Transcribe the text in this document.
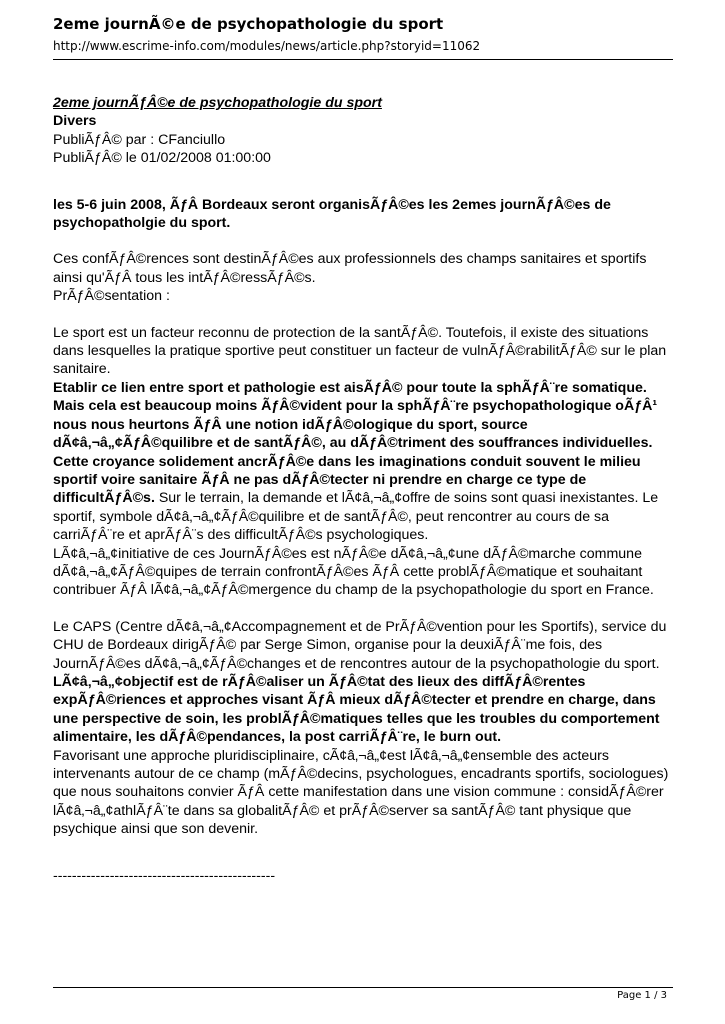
2eme journÃ©e de psychopathologie du sport
http://www.escrime-info.com/modules/news/article.php?storyid=11062

2eme journÃƒÂ©e de psychopathologie du sport

Divers

PubliÃƒÂ© par : CFanciullo

PubliÃƒÂ© le 01/02/2008 01:00:00

les 5-6 juin 2008, ÃƒÂ Bordeaux seront organisÃƒÂ©es les 2emes journÃƒÂ©es de psychopatholgie du sport.

Ces confÃƒÂ©rences sont destinÃƒÂ©es aux professionnels des champs sanitaires et sportifs ainsi qu'ÃƒÂ tous les intÃƒÂ©ressÃƒÂ©s.

PrÃƒÂ©sentation :

Le sport est un facteur reconnu de protection de la santÃƒÂ©. Toutefois, il existe des situations dans lesquelles la pratique sportive peut constituer un facteur de vulnÃƒÂ©rabilitÃƒÂ© sur le plan sanitaire.

Etablir ce lien entre sport et pathologie est aisÃƒÂ© pour toute la sphÃƒÂ¨re somatique. Mais cela est beaucoup moins ÃƒÂ©vident pour la sphÃƒÂ¨re psychopathologique oÃƒÂ¹ nous nous heurtons ÃƒÂ une notion idÃƒÂ©ologique du sport, source dÃ¢â‚¬â„¢ÃƒÂ©quilibre et de santÃƒÂ©, au dÃƒÂ©triment des souffrances individuelles. Cette croyance solidement ancrÃƒÂ©e dans les imaginations conduit souvent le milieu sportif voire sanitaire ÃƒÂ ne pas dÃƒÂ©tecter ni prendre en charge ce type de difficultÃƒÂ©s. Sur le terrain, la demande et lÃ¢â‚¬â„¢offre de soins sont quasi inexistantes. Le sportif, symbole dÃ¢â‚¬â„¢ÃƒÂ©quilibre et de santÃƒÂ©, peut rencontrer au cours de sa carriÃƒÂ¨re et aprÃƒÂ¨s des difficultÃƒÂ©s psychologiques.

LÃ¢â‚¬â„¢initiative de ces JournÃƒÂ©es est nÃƒÂ©e dÃ¢â‚¬â„¢une dÃƒÂ©marche commune dÃ¢â‚¬â„¢ÃƒÂ©quipes de terrain confrontÃƒÂ©es ÃƒÂ cette problÃƒÂ©matique et souhaitant contribuer ÃƒÂ lÃ¢â‚¬â„¢ÃƒÂ©mergence du champ de la psychopathologie du sport en France.

Le CAPS (Centre dÃ¢â‚¬â„¢Accompagnement et de PrÃƒÂ©vention pour les Sportifs), service du CHU de Bordeaux dirigÃƒÂ© par Serge Simon, organise pour la deuxiÃƒÂ¨me fois, des JournÃƒÂ©es dÃ¢â‚¬â„¢ÃƒÂ©changes et de rencontres autour de la psychopathologie du sport.

LÃ¢â‚¬â„¢objectif est de rÃƒÂ©aliser un ÃƒÂ©tat des lieux des diffÃƒÂ©rentes expÃƒÂ©riences et approches visant ÃƒÂ mieux dÃƒÂ©tecter et prendre en charge, dans une perspective de soin, les problÃƒÂ©matiques telles que les troubles du comportement alimentaire, les dÃƒÂ©pendances, la post carriÃƒÂ¨re, le burn out.

Favorisant une approche pluridisciplinaire, cÃ¢â‚¬â„¢est lÃ¢â‚¬â„¢ensemble des acteurs intervenants autour de ce champ (mÃƒÂ©decins, psychologues, encadrants sportifs, sociologues) que nous souhaitons convier ÃƒÂ cette manifestation dans une vision commune : considÃƒÂ©rer lÃ¢â‚¬â„¢athlÃƒÂ¨te dans sa globalitÃƒÂ© et prÃƒÂ©server sa santÃƒÂ© tant physique que psychique ainsi que son devenir.

-----------------------------------------------

Page 1 / 3
